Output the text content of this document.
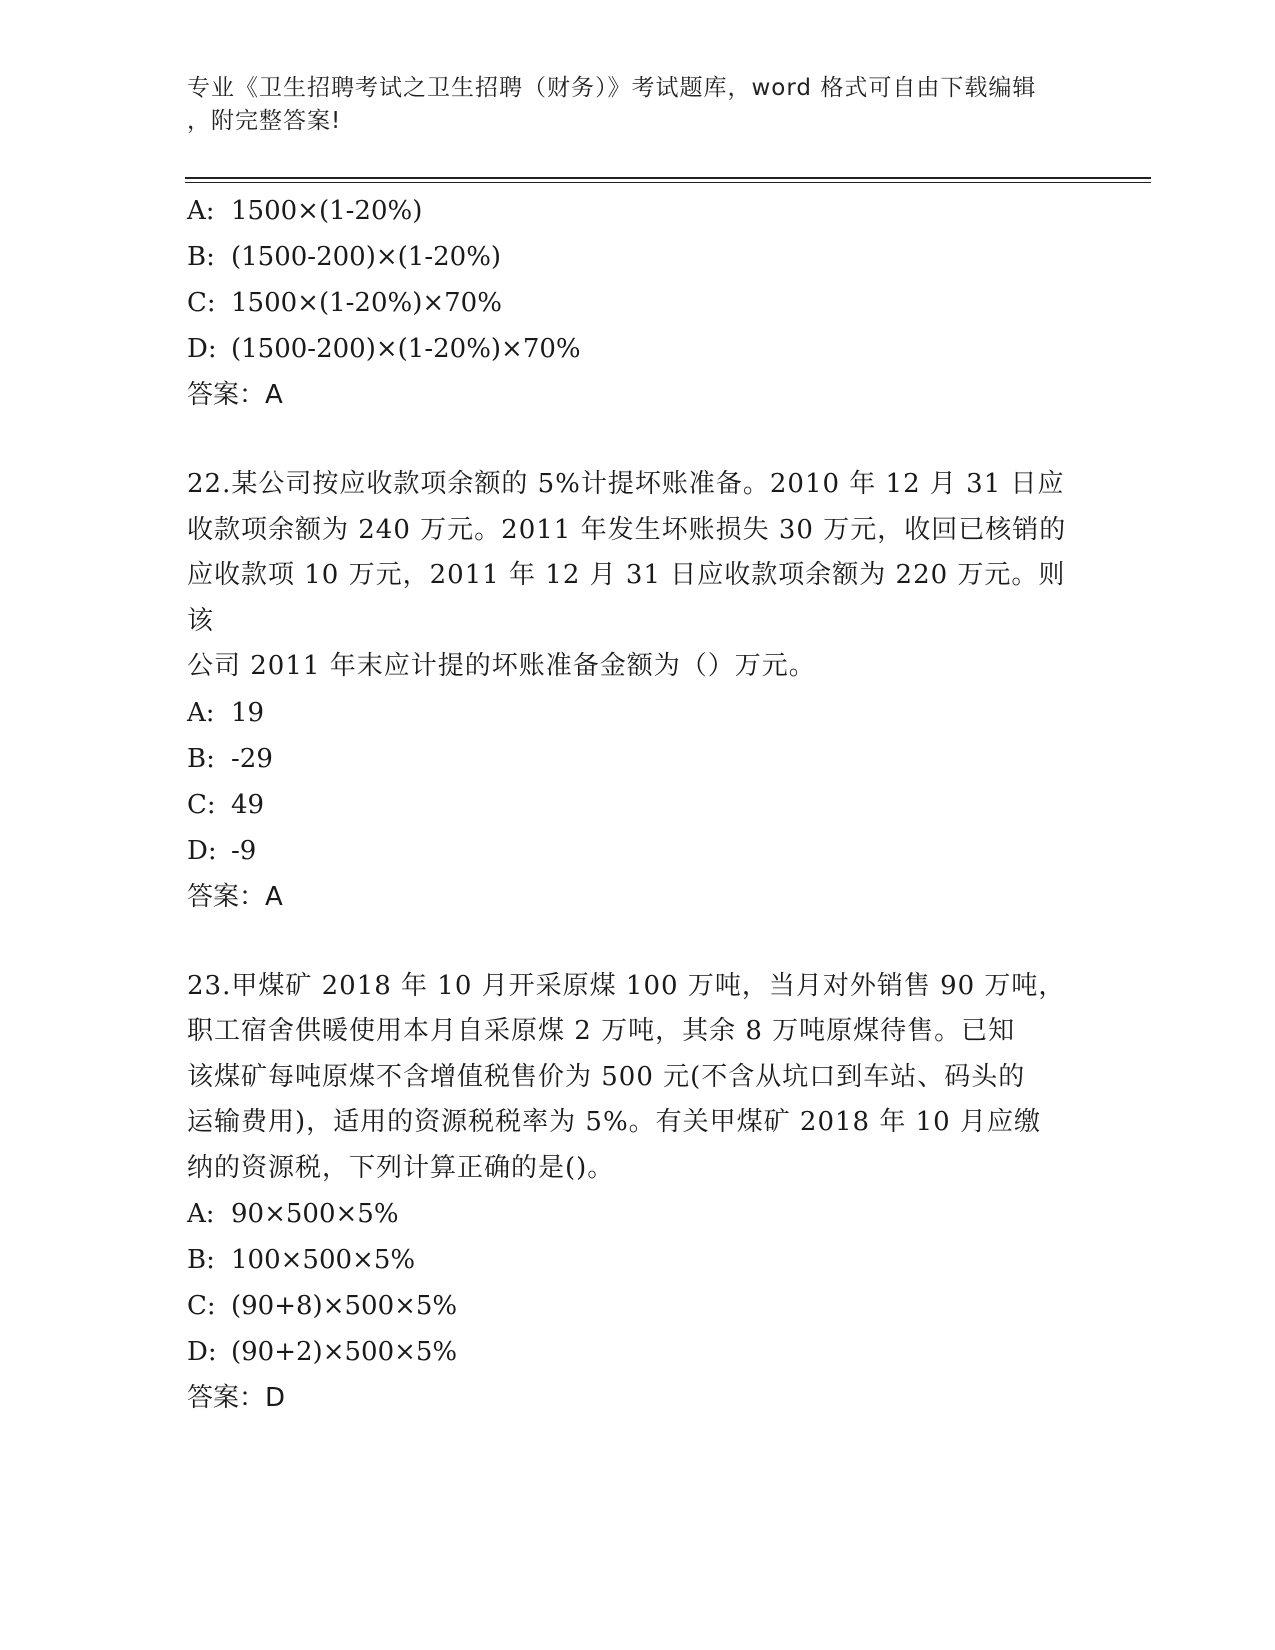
专业《卫生招聘考试之卫生招聘（财务）》考试题库，word 格式可自由下载编辑
，附完整答案!
A: 1500×(1-20%)
B: (1500-200)×(1-20%)
C: 1500×(1-20%)×70%
D: (1500-200)×(1-20%)×70%
答案：A
22.某公司按应收款项余额的 5%计提坏账准备。2010 年 12 月 31 日应
收款项余额为 240 万元。2011 年发生坏账损失 30 万元，收回已核销的
应收款项 10 万元，2011 年 12 月 31 日应收款项余额为 220 万元。则该
公司 2011 年末应计提的坏账准备金额为（）万元。
A: 19
B: -29
C: 49
D: -9
答案：A
23.甲煤矿 2018 年 10 月开采原煤 100 万吨，当月对外销售 90 万吨，
职工宿舍供暖使用本月自采原煤 2 万吨，其余 8 万吨原煤待售。已知
该煤矿每吨原煤不含增值税售价为 500 元(不含从坑口到车站、码头的
运输费用)，适用的资源税税率为 5%。有关甲煤矿 2018 年 10 月应缴
纳的资源税，下列计算正确的是()。
A: 90×500×5%
B: 100×500×5%
C: (90+8)×500×5%
D: (90+2)×500×5%
答案：D
